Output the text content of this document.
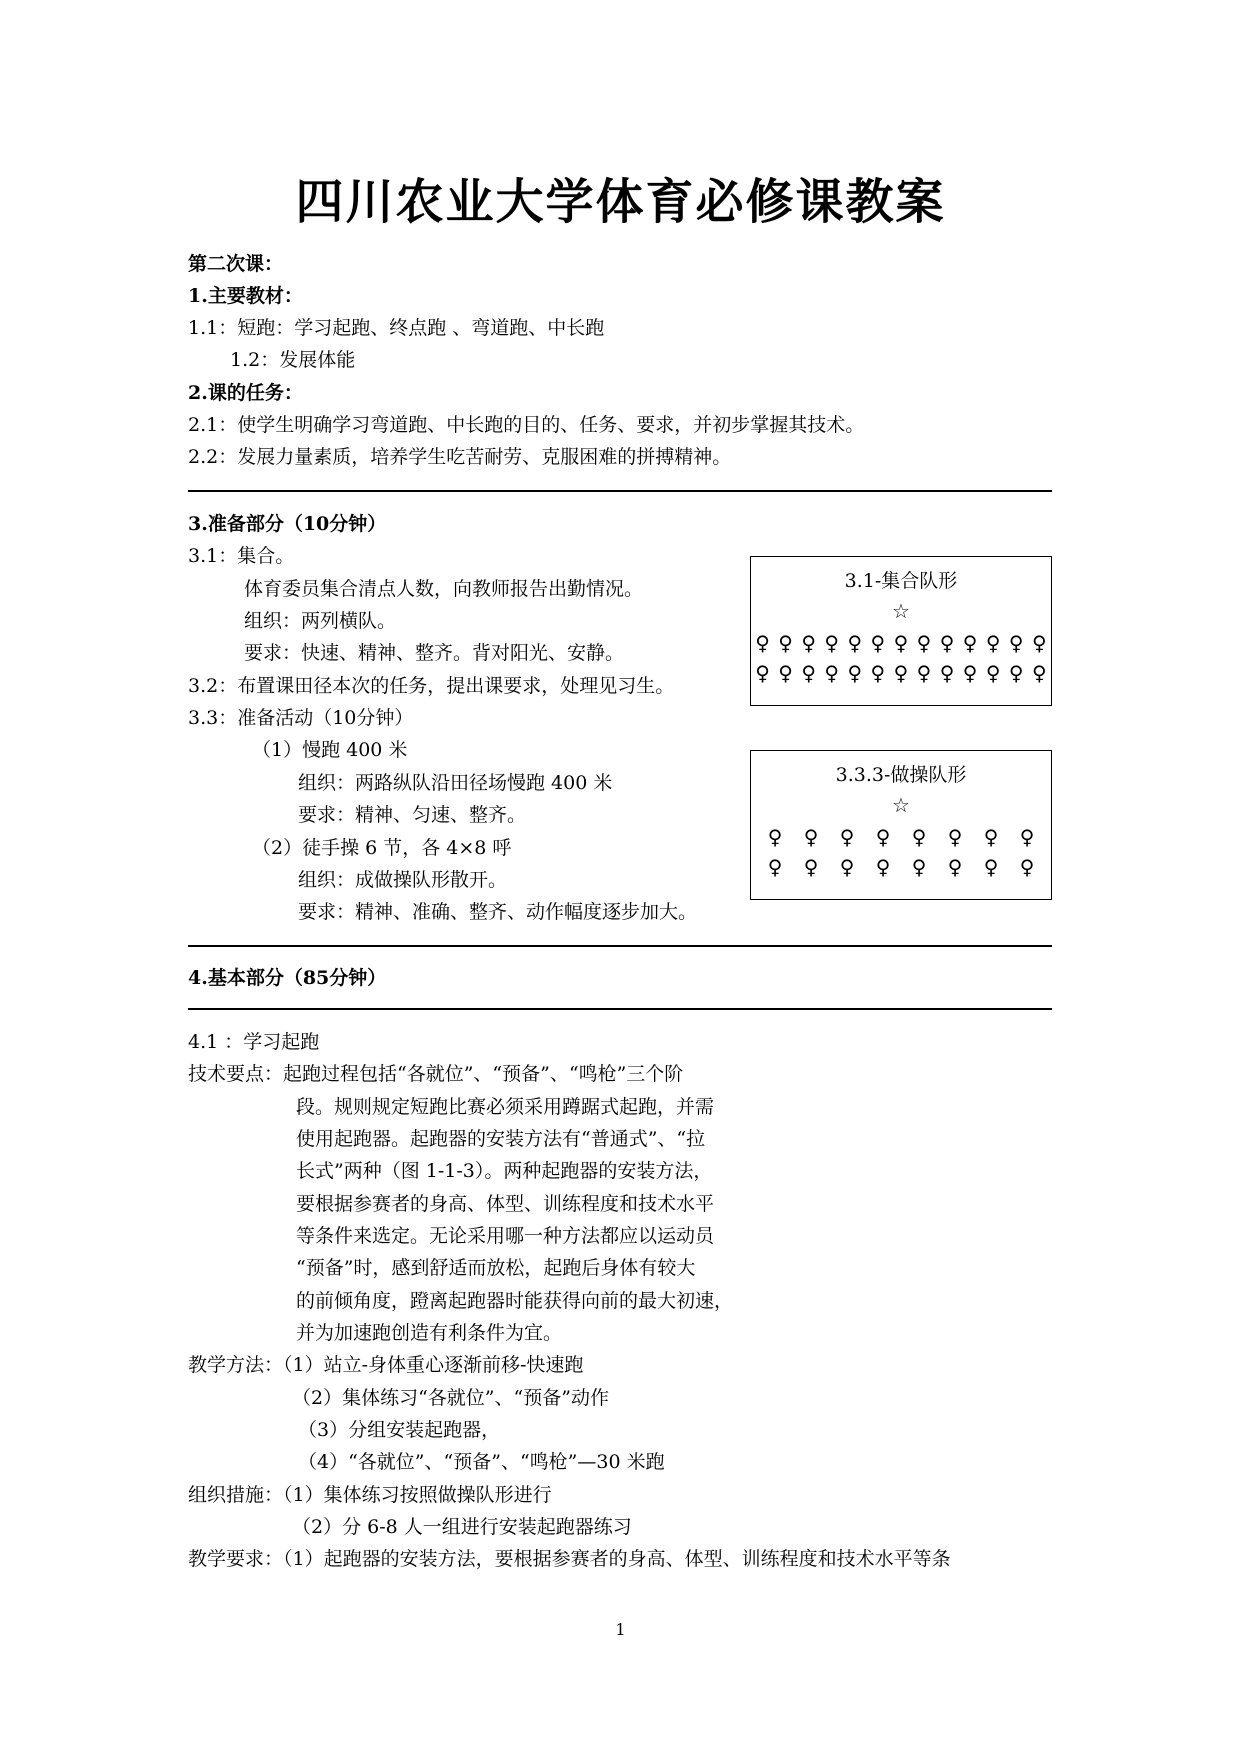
四川农业大学体育必修课教案
第二次课：
1.主要教材：
1.1：短跑：学习起跑、终点跑 、弯道跑、中长跑
1.2：发展体能
2.课的任务：
2.1：使学生明确学习弯道跑、中长跑的目的、任务、要求，并初步掌握其技术。
2.2：发展力量素质，培养学生吃苦耐劳、克服困难的拼搏精神。
3.准备部分（10分钟）
3.1：集合。
体育委员集合清点人数，向教师报告出勤情况。
组织：两列横队。
要求：快速、精神、整齐。背对阳光、安静。
3.2：布置课田径本次的任务，提出课要求，处理见习生。
3.3：准备活动（10分钟）
（1）慢跑 400 米
组织：两路纵队沿田径场慢跑 400 米
要求：精神、匀速、整齐。
（2）徒手操 6 节，各 4×8 呼
组织：成做操队形散开。
要求：精神、准确、整齐、动作幅度逐步加大。
3.1-集合队形
☆
♀ ♀ ♀ ♀ ♀ ♀ ♀ ♀ ♀ ♀ ♀ ♀ ♀
♀ ♀ ♀ ♀ ♀ ♀ ♀ ♀ ♀ ♀ ♀ ♀ ♀
3.3.3-做操队形
☆
♀ ♀ ♀ ♀ ♀ ♀ ♀ ♀
♀ ♀ ♀ ♀ ♀ ♀ ♀ ♀
4.基本部分（85分钟）
4.1 ：学习起跑
技术要点：起跑过程包括“各就位”、“预备”、“鸣枪”三个阶
段。规则规定短跑比赛必须采用蹲踞式起跑，并需
使用起跑器。起跑器的安装方法有“普通式”、“拉
长式”两种（图 1-1-3）。两种起跑器的安装方法，
要根据参赛者的身高、体型、训练程度和技术水平
等条件来选定。无论采用哪一种方法都应以运动员
“预备”时，感到舒适而放松，起跑后身体有较大
的前倾角度，蹬离起跑器时能获得向前的最大初速，
并为加速跑创造有利条件为宜。
教学方法：（1）站立-身体重心逐渐前移-快速跑
（2）集体练习“各就位”、“预备”动作
（3）分组安装起跑器，
（4）“各就位”、“预备”、“鸣枪”—30 米跑
组织措施：（1）集体练习按照做操队形进行
（2）分 6-8 人一组进行安装起跑器练习
教学要求：（1）起跑器的安装方法，要根据参赛者的身高、体型、训练程度和技术水平等条
1
